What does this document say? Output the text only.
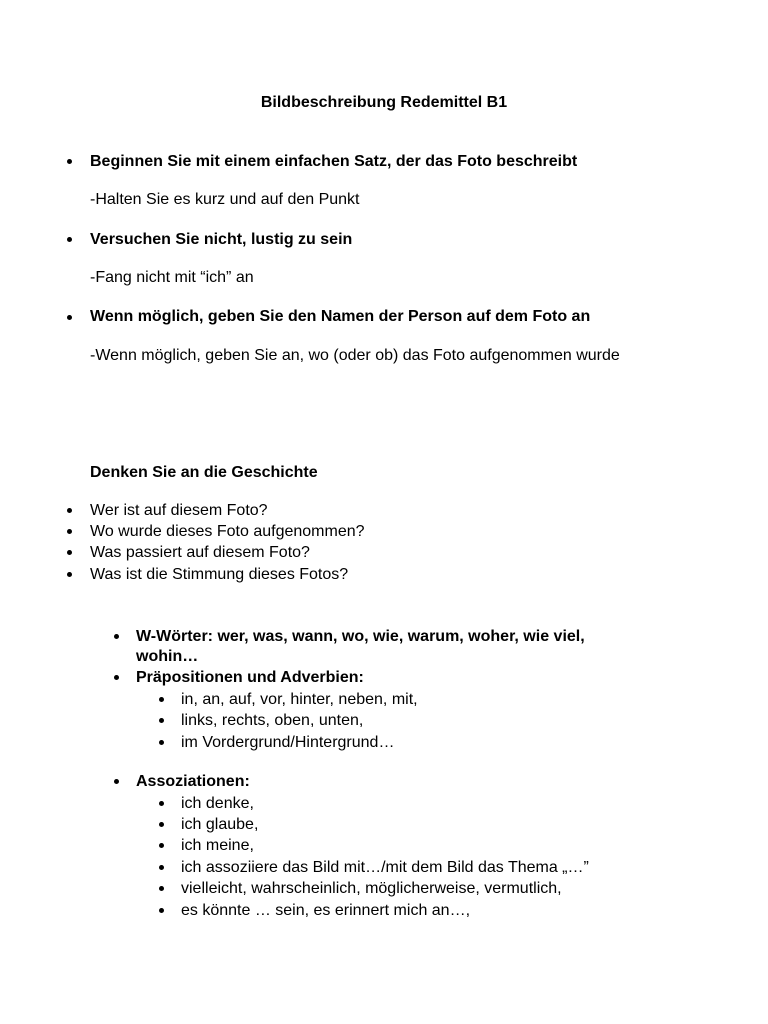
Bildbeschreibung Redemittel B1
Beginnen Sie mit einem einfachen Satz, der das Foto beschreibt
-Halten Sie es kurz und auf den Punkt
Versuchen Sie nicht, lustig zu sein
-Fang nicht mit “ich” an
Wenn möglich, geben Sie den Namen der Person auf dem Foto an
-Wenn möglich, geben Sie an, wo (oder ob) das Foto aufgenommen wurde
Denken Sie an die Geschichte
Wer ist auf diesem Foto?
Wo wurde dieses Foto aufgenommen?
Was passiert auf diesem Foto?
Was ist die Stimmung dieses Fotos?
W-Wörter: wer, was, wann, wo, wie, warum, woher, wie viel,
wohin…
Präpositionen und Adverbien:
in, an, auf, vor, hinter, neben, mit,
links, rechts, oben, unten,
im Vordergrund/Hintergrund…
Assoziationen:
ich denke,
ich glaube,
ich meine,
ich assoziiere das Bild mit…/mit dem Bild das Thema „…”
vielleicht, wahrscheinlich, möglicherweise, vermutlich,
es könnte … sein, es erinnert mich an…,
